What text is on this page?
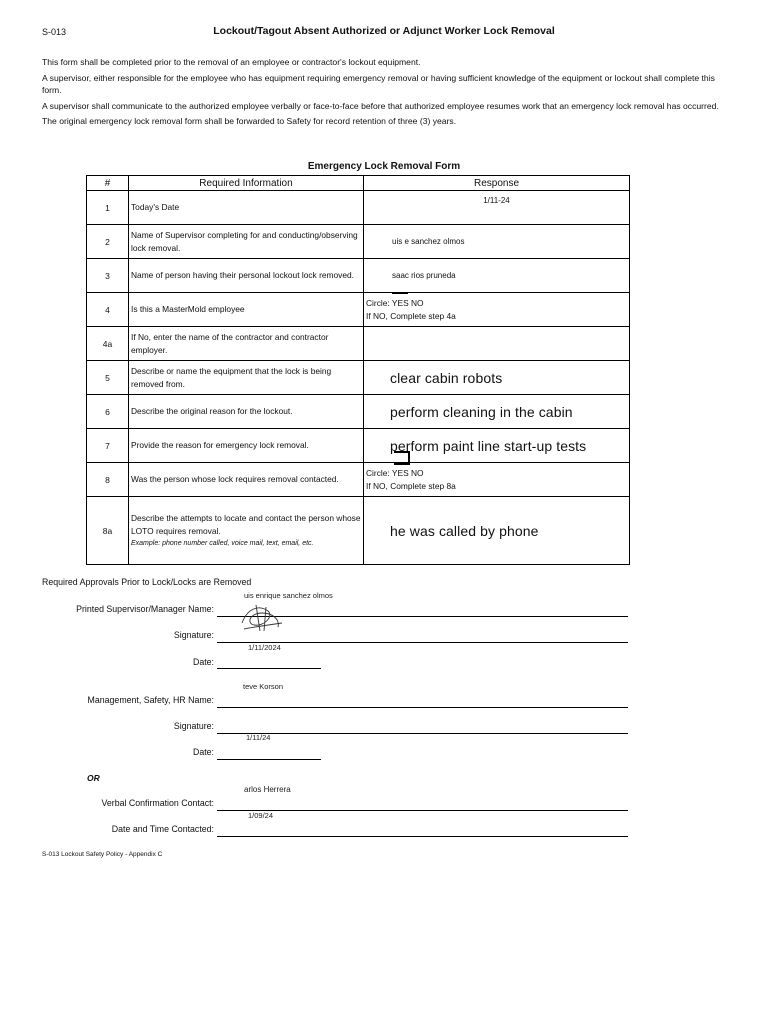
S-013	Lockout/Tagout Absent Authorized or Adjunct Worker Lock Removal

This form shall be completed prior to the removal of an employee or contractor's lockout equipment.

A supervisor, either responsible for the employee who has equipment requiring emergency removal or having sufficient knowledge of the equipment or lockout shall complete this form.

A supervisor shall communicate to the authorized employee verbally or face-to-face before that authorized employee resumes work that an emergency lock removal has occurred.

The original emergency lock removal form shall be forwarded to Safety for record retention of three (3) years.

Emergency Lock Removal Form
#	Required Information	Response
1	Today's Date	1/11-24

2	Name of Supervisor completing for and conducting/observing lock removal.	uis e sanchez olmos

3	Name of person having their personal lockout lock removed.	saac rios pruneda

4	Is this a MasterMold employee	Circle: YES NO
If NO, Complete step 4a

4a	If No, enter the name of the contractor and contractor employer.	
5	Describe or name the equipment that the lock is being removed from.	clear cabin robots

6	Describe the original reason for the lockout.	perform cleaning in the cabin

7	Provide the reason for emergency lock removal.	perform paint line start-up tests

8	Was the person whose lock requires removal contacted.	Circle: YES NO
If NO, Complete step 8a

8a	Describe the attempts to locate and contact the person whose LOTO requires removal.
Example: phone number called, voice mail, text, email, etc.	he was called by phone
Required Approvals Prior to Lock/Locks are Removed
uis enrique sanchez olmos
Printed Supervisor/Manager Name:
Signature:
1/11/2024
Date:
teve Korson
Management, Safety, HR Name:
Signature:
1/11/24
Date:
OR
arlos Herrera
Verbal Confirmation Contact:
1/09/24
Date and Time Contacted:
S-013 Lockout Safety Policy - Appendix C
